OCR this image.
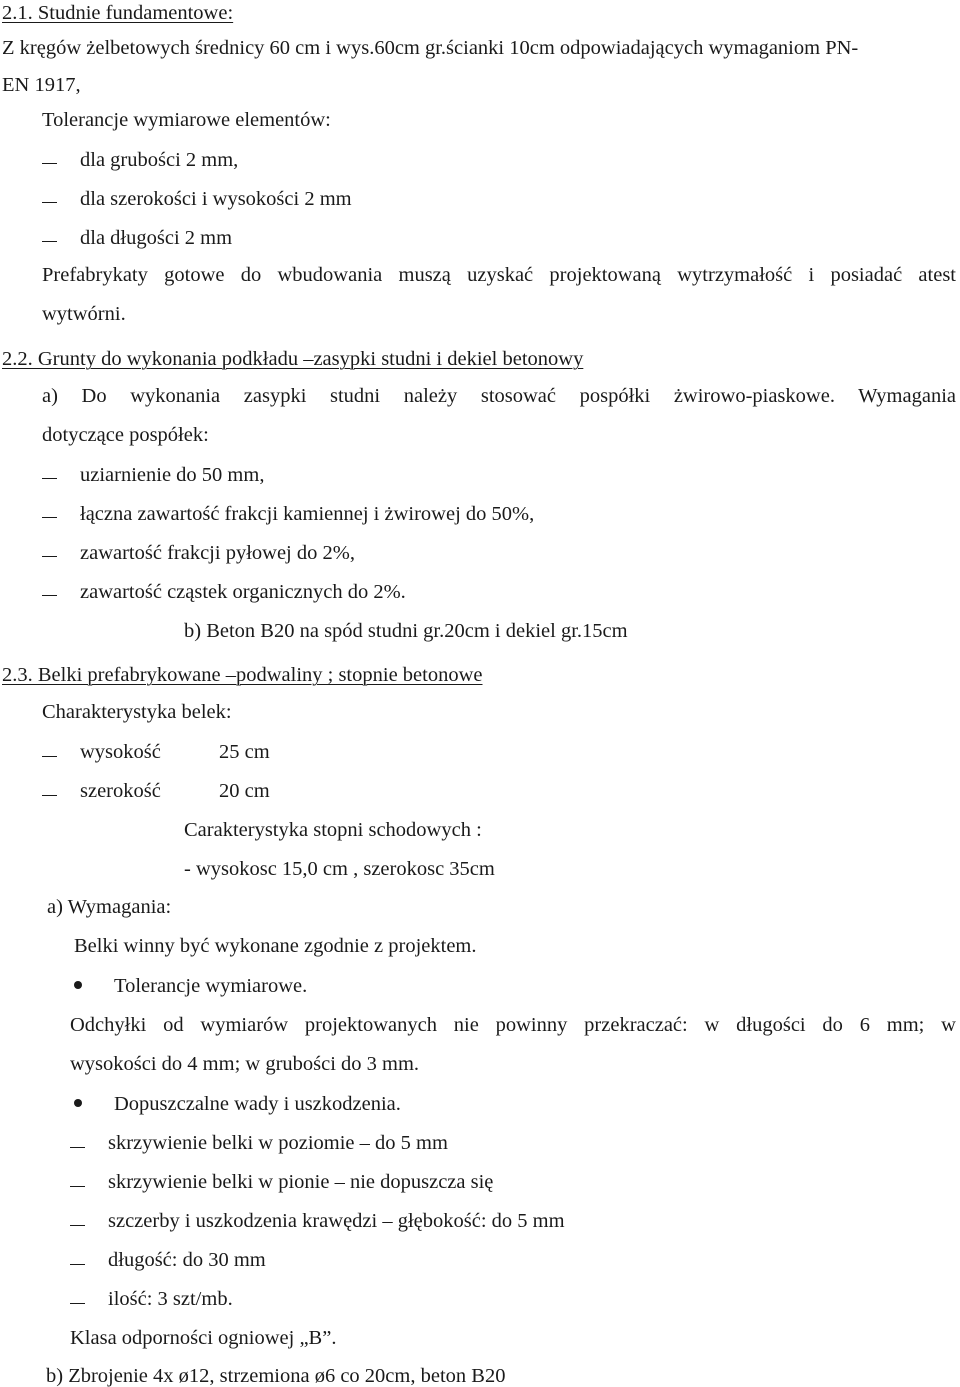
2.1. Studnie fundamentowe:
Z kręgów żelbetowych średnicy 60 cm i wys.60cm gr.ścianki 10cm odpowiadających wymaganiom PN-
EN 1917,
Tolerancje wymiarowe elementów:
dla grubości 2 mm,
dla szerokości i wysokości 2 mm
dla długości 2 mm
Prefabrykaty gotowe do wbudowania muszą uzyskać projektowaną wytrzymałość i posiadać atest
wytwórni.
2.2. Grunty do wykonania podkładu –zasypki studni i dekiel betonowy
a) Do wykonania zasypki studni należy stosować pospółki żwirowo-piaskowe. Wymagania
dotyczące pospółek:
uziarnienie do 50 mm,
łączna zawartość frakcji kamiennej i żwirowej do 50%,
zawartość frakcji pyłowej do 2%,
zawartość cząstek organicznych do 2%.
b) Beton B20 na spód studni gr.20cm i dekiel gr.15cm
2.3. Belki prefabrykowane –podwaliny ; stopnie betonowe
Charakterystyka belek:
wysokość	25 cm
szerokość	20 cm
Carakterystyka stopni schodowych :
- wysokosc 15,0 cm , szerokosc 35cm
a) Wymagania:
Belki winny być wykonane zgodnie z projektem.
Tolerancje wymiarowe.
Odchyłki od wymiarów projektowanych nie powinny przekraczać: w długości do 6 mm; w
wysokości do 4 mm; w grubości do 3 mm.
Dopuszczalne wady i uszkodzenia.
skrzywienie belki w poziomie – do 5 mm
skrzywienie belki w pionie – nie dopuszcza się
szczerby i uszkodzenia krawędzi – głębokość: do 5 mm
długość: do 30 mm
ilość: 3 szt/mb.
Klasa odporności ogniowej „B”.
b) Zbrojenie 4x ø12, strzemiona ø6 co 20cm, beton B20
